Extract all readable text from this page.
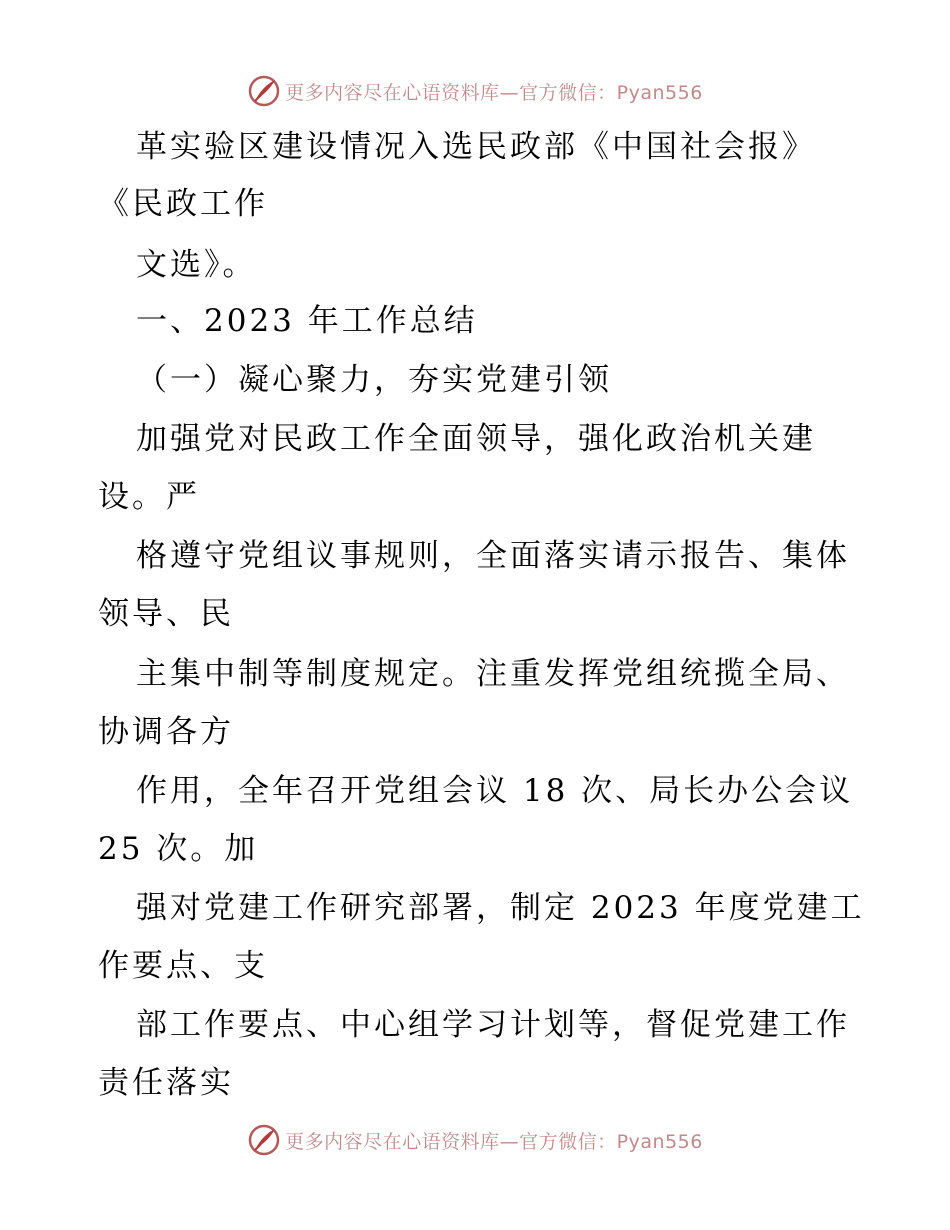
更多内容尽在心语资料库—官方微信：Pyan556
革实验区建设情况入选民政部《中国社会报》
《民政工作
文选》。
一、2023 年工作总结
（一）凝心聚力，夯实党建引领
加强党对民政工作全面领导，强化政治机关建
设。严
格遵守党组议事规则，全面落实请示报告、集体
领导、民
主集中制等制度规定。注重发挥党组统揽全局、
协调各方
作用，全年召开党组会议 18 次、局长办公会议
25 次。加
强对党建工作研究部署，制定 2023 年度党建工
作要点、支
部工作要点、中心组学习计划等，督促党建工作
责任落实
更多内容尽在心语资料库—官方微信：Pyan556
